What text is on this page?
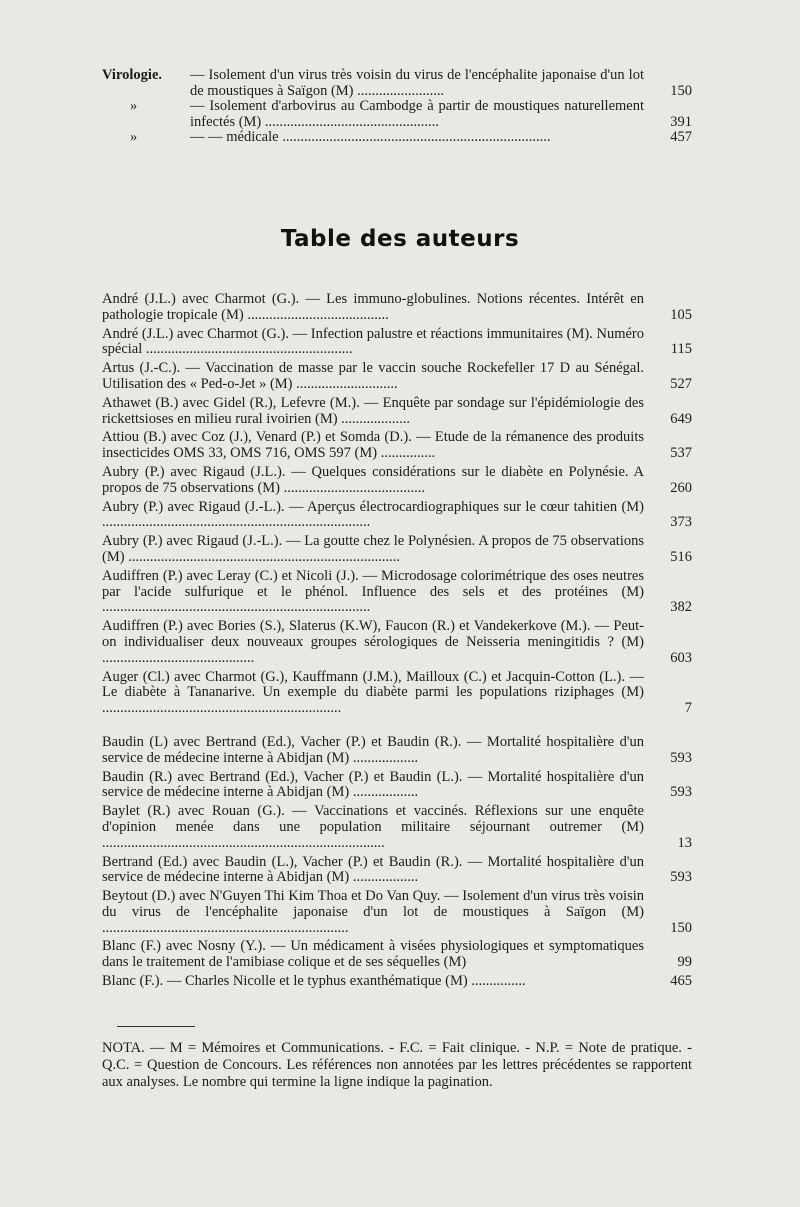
Virologie. — Isolement d'un virus très voisin du virus de l'encéphalite japonaise d'un lot de moustiques à Saïgon (M) ........................	150
»	— Isolement d'arbovirus au Cambodge à partir de moustiques naturellement infectés (M) ................................................	391
»	— — médicale ..........................................................................	457
Table des auteurs
André (J.L.) avec Charmot (G.). — Les immuno-globulines. Notions récentes. Intérêt en pathologie tropicale (M) .......................................	105
André (J.L.) avec Charmot (G.). — Infection palustre et réactions immunitaires (M). Numéro spécial .........................................................	115
Artus (J.-C.). — Vaccination de masse par le vaccin souche Rockefeller 17 D au Sénégal. Utilisation des « Ped-o-Jet » (M) ............................	527
Athawet (B.) avec Gidel (R.), Lefevre (M.). — Enquête par sondage sur l'épidémiologie des rickettsioses en milieu rural ivoirien (M) ...................	649
Attiou (B.) avec Coz (J.), Venard (P.) et Somda (D.). — Etude de la rémanence des produits insecticides OMS 33, OMS 716, OMS 597 (M) ...............	537
Aubry (P.) avec Rigaud (J.L.). — Quelques considérations sur le diabète en Polynésie. A propos de 75 observations (M) .......................................	260
Aubry (P.) avec Rigaud (J.-L.). — Aperçus électrocardiographiques sur le cœur tahitien (M) ..........................................................................	373
Aubry (P.) avec Rigaud (J.-L.). — La goutte chez le Polynésien. A propos de 75 observations (M) ...........................................................................	516
Audiffren (P.) avec Leray (C.) et Nicoli (J.). — Microdosage colorimétrique des oses neutres par l'acide sulfurique et le phénol. Influence des sels et des protéines (M) ..........................................................................	382
Audiffren (P.) avec Bories (S.), Slaterus (K.W), Faucon (R.) et Vandekerkove (M.). — Peut-on individualiser deux nouveaux groupes sérologiques de Neisseria meningitidis ? (M) ..........................................	603
Auger (Cl.) avec Charmot (G.), Kauffmann (J.M.), Mailloux (C.) et Jacquin-Cotton (L.). — Le diabète à Tananarive. Un exemple du diabète parmi les populations riziphages (M) ..................................................................	7
Baudin (L) avec Bertrand (Ed.), Vacher (P.) et Baudin (R.). — Mortalité hospitalière d'un service de médecine interne à Abidjan (M) ..................	593
Baudin (R.) avec Bertrand (Ed.), Vacher (P.) et Baudin (L.). — Mortalité hospitalière d'un service de médecine interne à Abidjan (M) ..................	593
Baylet (R.) avec Rouan (G.). — Vaccinations et vaccinés. Réflexions sur une enquête d'opinion menée dans une population militaire séjournant outremer (M) ..............................................................................	13
Bertrand (Ed.) avec Baudin (L.), Vacher (P.) et Baudin (R.). — Mortalité hospitalière d'un service de médecine interne à Abidjan (M) ..................	593
Beytout (D.) avec N'Guyen Thi Kim Thoa et Do Van Quy. — Isolement d'un virus très voisin du virus de l'encéphalite japonaise d'un lot de moustiques à Saïgon (M) ....................................................................	150
Blanc (F.) avec Nosny (Y.). — Un médicament à visées physiologiques et symptomatiques dans le traitement de l'amibiase colique et de ses séquelles (M)	99
Blanc (F.). — Charles Nicolle et le typhus exanthématique (M) ...............	465
NOTA. — M = Mémoires et Communications. - F.C. = Fait clinique. - N.P. = Note de pratique. - Q.C. = Question de Concours. Les références non annotées par les lettres précédentes se rapportent aux analyses. Le nombre qui termine la ligne indique la pagination.
